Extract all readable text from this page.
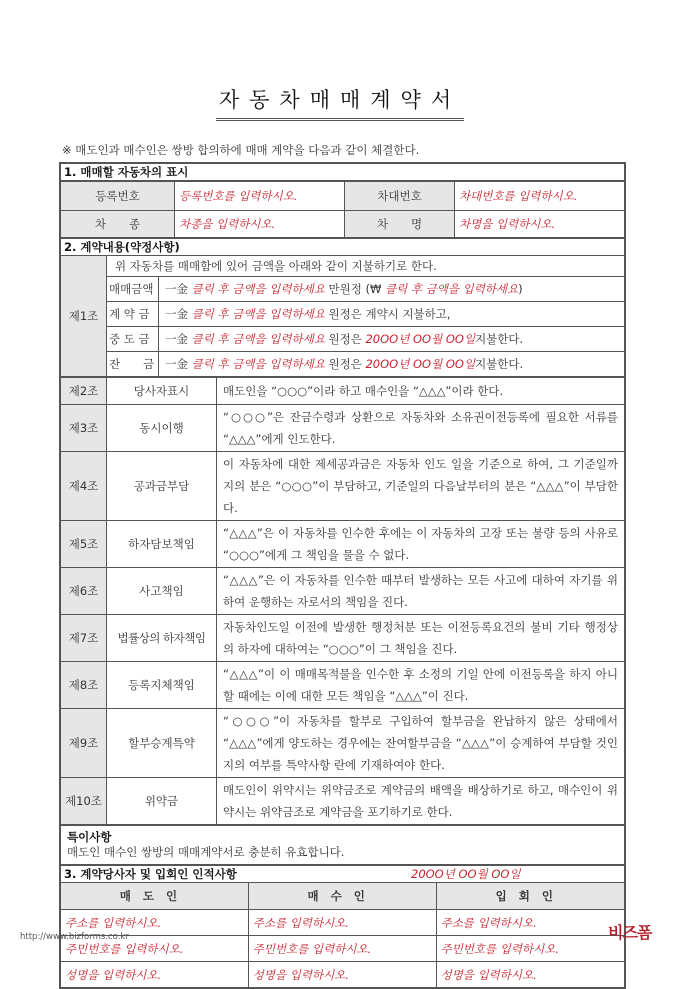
자동차매매계약서
※ 매도인과 매수인은 쌍방 합의하에 매매 계약을 다음과 같이 체결한다.
1. 매매할 자동차의 표시
등록번호	등록번호를 입력하시오.	차대번호	차대번호를 입력하시오.
차　　종	차종을 입력하시오.	차　　명	차명을 입력하시오.
2. 계약내용(약정사항)		
제1조	위 자동차를 매매함에 있어 금액을 아래와 같이 지불하기로 한다.	
	매매금액	一金 클릭 후 금액을 입력하세요 만원정 (₩ 클릭 후 금액을 입력하세요)
	계 약 금	一金 클릭 후 금액을 입력하세요 원정은 계약시 지불하고,
	중 도 금	一金 클릭 후 금액을 입력하세요 원정은 20OO년 OO월 OO일지불한다.
	잔　　금	一金 클릭 후 금액을 입력하세요 원정은 20OO년 OO월 OO일지불한다.
제2조	당사자표시	매도인을 “○○○”이라 하고 매수인을 “△△△”이라 한다.
제3조	동시이행	“○○○”은 잔금수령과 상환으로 자동차와 소유권이전등록에 필요한 서류를 “△△△”에게 인도한다.
제4조	공과금부담	이 자동차에 대한 제세공과금은 자동차 인도 일을 기준으로 하여, 그 기준일까지의 분은 “○○○”이 부담하고, 기준일의 다음날부터의 분은 “△△△”이 부담한다.
제5조	하자담보책임	“△△△”은 이 자동차를 인수한 후에는 이 자동차의 고장 또는 불량 등의 사유로 “○○○”에게 그 책임을 물을 수 없다.
제6조	사고책임	“△△△”은 이 자동차를 인수한 때부터 발생하는 모든 사고에 대하여 자기를 위하여 운행하는 자로서의 책임을 진다.
제7조	법률상의 하자책임	자동차인도일 이전에 발생한 행정처분 또는 이전등록요건의 불비 기타 행정상의 하자에 대하여는 “○○○”이 그 책임을 진다.
제8조	등록지체책임	“△△△”이 이 매매목적물을 인수한 후 소정의 기일 안에 이전등록을 하지 아니할 때에는 이에 대한 모든 책임을 “△△△”이 진다.
제9조	할부승계특약	“○○○”이 자동차를 할부로 구입하여 할부금을 완납하지 않은 상태에서 “△△△”에게 양도하는 경우에는 잔여할부금을 “△△△”이 승계하여 부담할 것인지의 여부를 특약사항 란에 기재하여야 한다.
제10조	위약금	매도인이 위약시는 위약금조로 계약금의 배액을 배상하기로 하고, 매수인이 위약시는 위약금조로 계약금을 포기하기로 한다.
특이사항
매도인 매수인 쌍방의 매매계약서로 충분히 유효합니다.
3. 계약당사자 및 입회인 인적사항 20OO년 OO월 OO일		

매도인	매수인	입회인
주소를 입력하시오.	주소를 입력하시오.	주소를 입력하시오.
주민번호를 입력하시오.	주민번호를 입력하시오.	주민번호를 입력하시오.
성명을 입력하시오.	성명을 입력하시오.	성명을 입력하시오.
http://www.bizforms.co.kr	비즈폼
